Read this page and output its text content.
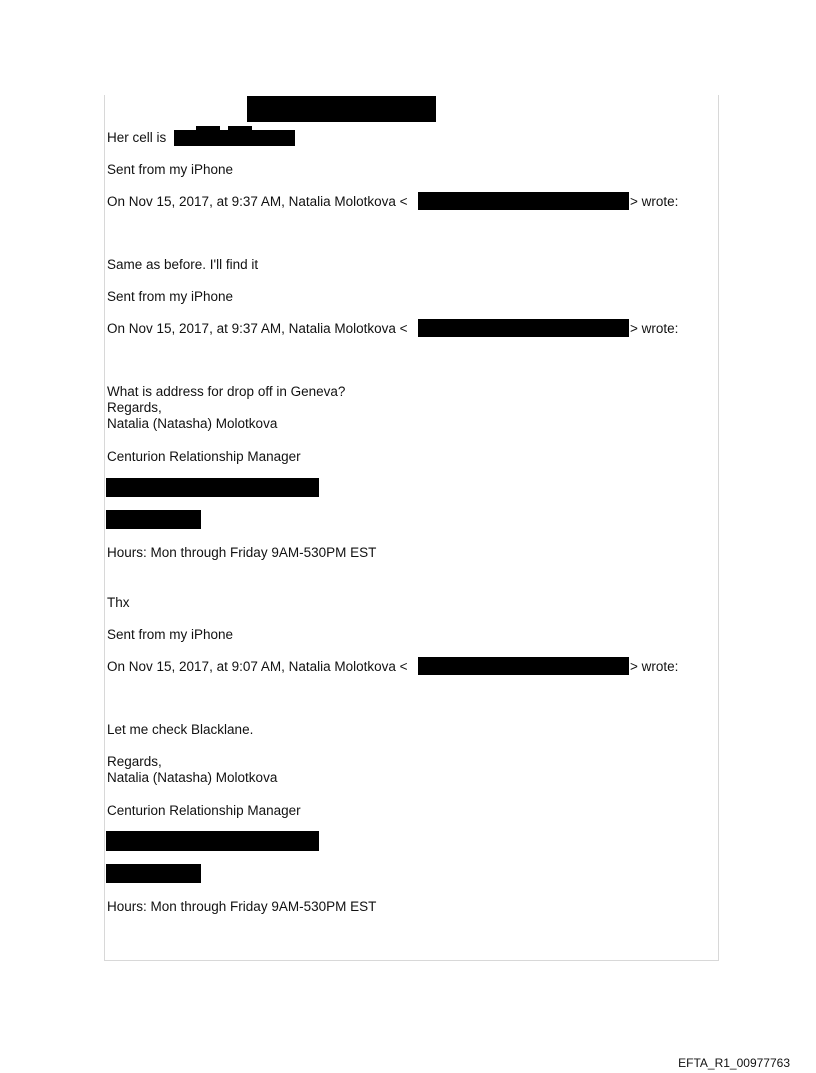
Her cell is
Sent from my iPhone
On Nov 15, 2017, at 9:37 AM, Natalia Molotkova <	> wrote:
Same as before. I'll find it
Sent from my iPhone
On Nov 15, 2017, at 9:37 AM, Natalia Molotkova <	> wrote:
What is address for drop off in Geneva?
Regards,
Natalia (Natasha) Molotkova
Centurion Relationship Manager
Hours: Mon through Friday 9AM-530PM EST
Thx
Sent from my iPhone
On Nov 15, 2017, at 9:07 AM, Natalia Molotkova <	> wrote:
Let me check Blacklane.
Regards,
Natalia (Natasha) Molotkova
Centurion Relationship Manager
Hours: Mon through Friday 9AM-530PM EST
EFTA_R1_00977763
